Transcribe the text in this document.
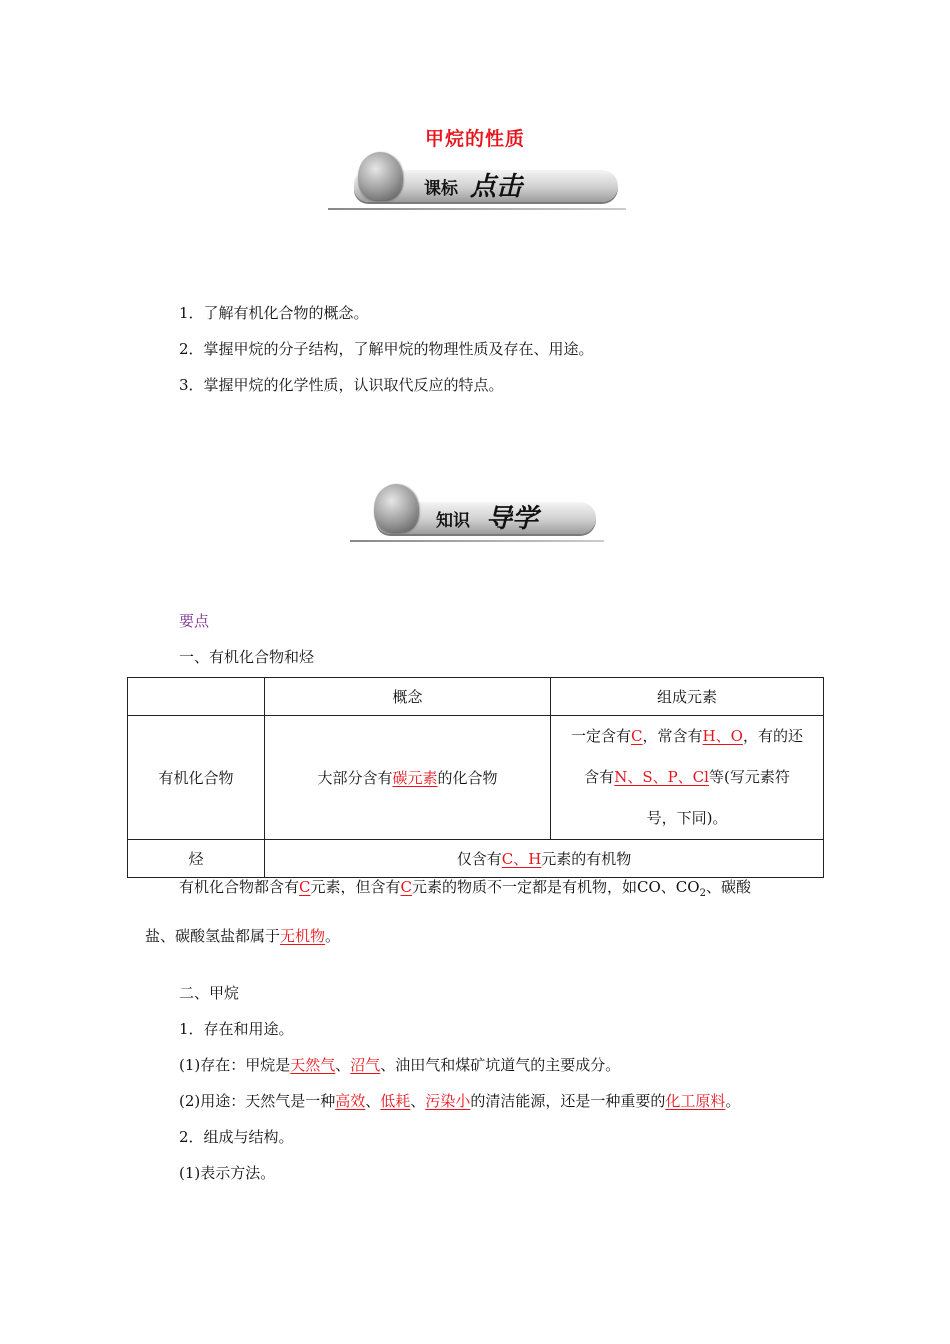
甲烷的性质
课标 点击
1．了解有机化合物的概念。
2．掌握甲烷的分子结构，了解甲烷的物理性质及存在、用途。
3．掌握甲烷的化学性质，认识取代反应的特点。
知识 导学
要点
一、有机化合物和烃
	概念	组成元素
有机化合物	大部分含有碳元素的化合物	一定含有C，常含有H、O，有的还
含有N、S、P、Cl等(写元素符
号，下同)。

烃	仅含有C、H元素的有机物	
有机化合物都含有C元素，但含有C元素的物质不一定都是有机物，如CO、$CO_2$、碳酸
盐、碳酸氢盐都属于无机物。
二、甲烷
1．存在和用途。
(1)存在：甲烷是天然气、沼气、油田气和煤矿坑道气的主要成分。
(2)用途：天然气是一种高效、低耗、污染小的清洁能源，还是一种重要的化工原料。
2．组成与结构。
(1)表示方法。
